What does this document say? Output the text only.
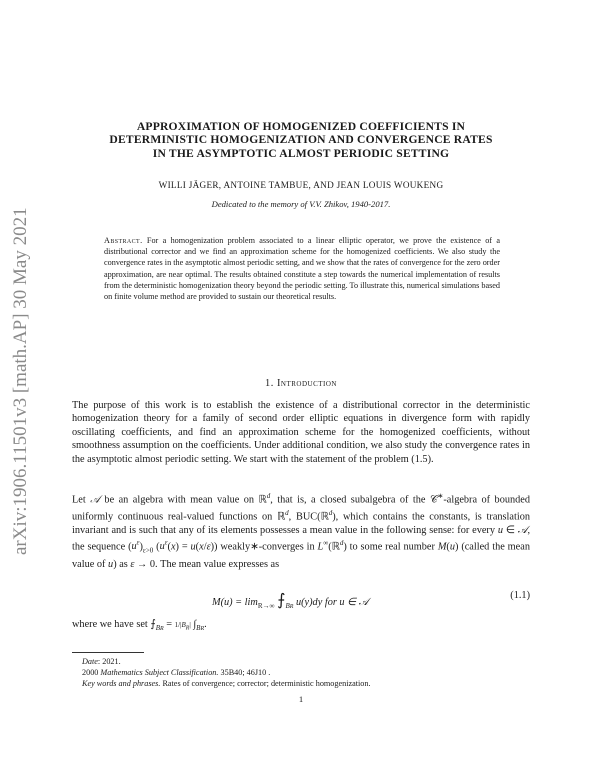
arXiv:1906.11501v3 [math.AP] 30 May 2021
APPROXIMATION OF HOMOGENIZED COEFFICIENTS IN
DETERMINISTIC HOMOGENIZATION AND CONVERGENCE RATES
IN THE ASYMPTOTIC ALMOST PERIODIC SETTING
WILLI JÄGER, ANTOINE TAMBUE, AND JEAN LOUIS WOUKENG
Dedicated to the memory of V.V. Zhikov, 1940-2017.
Abstract. For a homogenization problem associated to a linear elliptic operator, we prove the existence of a distributional corrector and we find an approximation scheme for the homogenized coefficients. We also study the convergence rates in the asymptotic almost periodic setting, and we show that the rates of convergence for the zero order approximation, are near optimal. The results obtained constitute a step towards the numerical implementation of results from the deterministic homogenization theory beyond the periodic setting. To illustrate this, numerical simulations based on finite volume method are provided to sustain our theoretical results.
1. Introduction
The purpose of this work is to establish the existence of a distributional corrector in the deterministic homogenization theory for a family of second order elliptic equations in divergence form with rapidly oscillating coefficients, and find an approximation scheme for the homogenized coefficients, without smoothness assumption on the coefficients. Under additional condition, we also study the convergence rates in the asymptotic almost periodic setting. We start with the statement of the problem (1.5).
Let 𝒜 be an algebra with mean value on ℝ$^d$, that is, a closed subalgebra of the 𝒞∗-algebra of bounded uniformly continuous real-valued functions on ℝ$^d$, BUC(ℝ$^d$), which contains the constants, is translation invariant and is such that any of its elements possesses a mean value in the following sense: for every u ∈ 𝒜, the sequence $(u^\varepsilon)_{\varepsilon>0}$ $(u^\varepsilon(x) = u(x/\varepsilon))$ weakly∗-converges in L∞(ℝ$^d$) to some real number M(u) (called the mean value of u) as ε → 0. The mean value expresses as
$M(u) = \lim_{R\to\infty}$ $⨍_{BR}$ u(y)dy for u ∈ 𝒜
(1.1)
where we have set $⨍_{BR} = 1/|B_R|$ $\int_{BR}$.
Date: 2021.
2000 Mathematics Subject Classification. 35B40; 46J10 .
Key words and phrases. Rates of convergence; corrector; deterministic homogenization.
1
